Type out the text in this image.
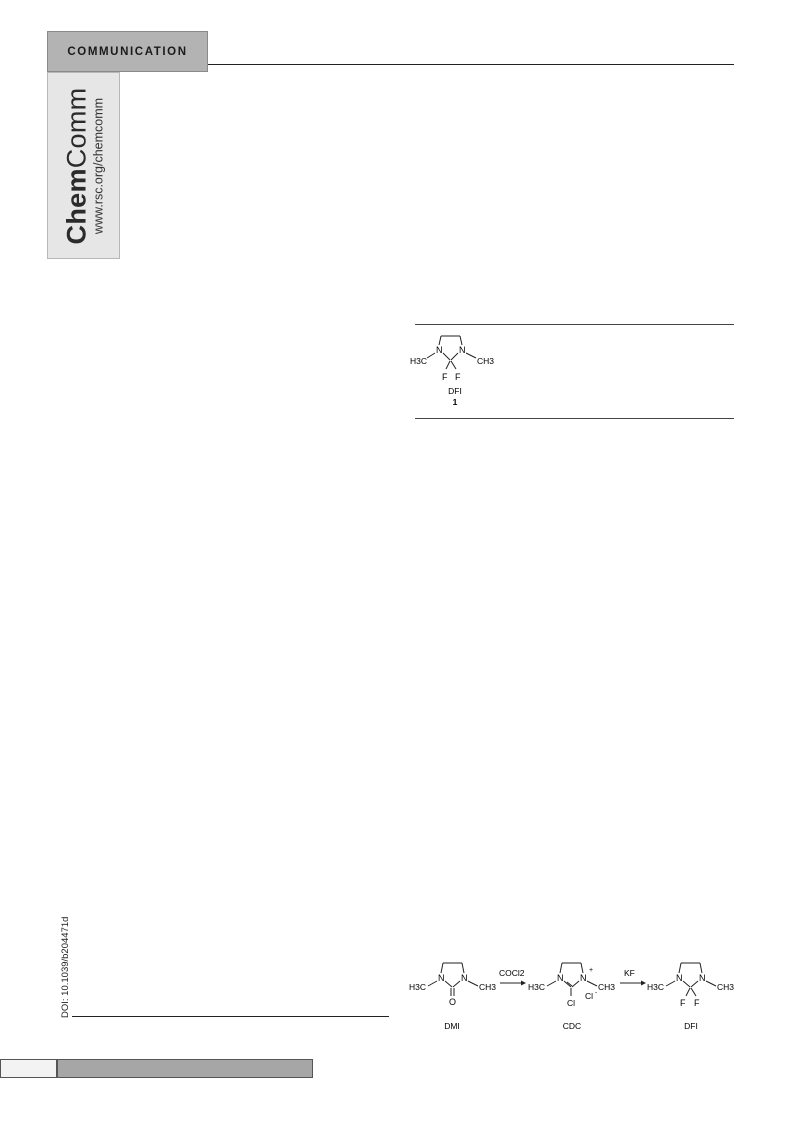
COMMUNICATION
ChemComm www.rsc.org/chemcomm
N N
H3C	CH3
F F
DFI
1
DOI: 10.1039/b204471d	N N
H3C	CH3
O
DMI
COCl2	N N
+
H3C	CH3
Cl -
Cl
CDC
KF	N N
H3C	CH3
F F
DFI
